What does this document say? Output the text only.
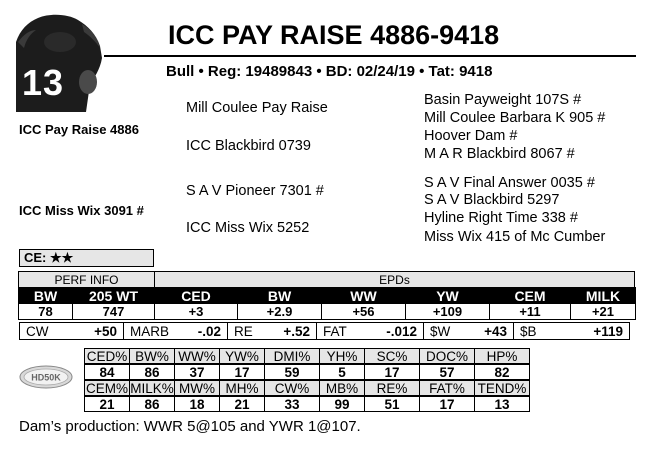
13
ICC PAY RAISE 4886-9418
Bull • Reg: 19489843 • BD: 02/24/19 • Tat: 9418
ICC Pay Raise 4886
ICC Miss Wix 3091 #
Mill Coulee Pay Raise
ICC Blackbird 0739
S A V Pioneer 7301 #
ICC Miss Wix 5252
Basin Payweight 107S #
Mill Coulee Barbara K 905 #
Hoover Dam #
M A R Blackbird 8067 #
S A V Final Answer 0035 #
S A V Blackbird 5297
Hyline Right Time 338 #
Miss Wix 415 of Mc Cumber
CE: ★★
PERF INFO	EPDs
BW	205 WT	CED	BW	WW	YW	CEM	MILK
78	747	+3	+2.9	+56	+109	+11	+21
CW	+50 MARB -.02 RE +.52 FAT	-.012 $W	+43 $B	+119
HD50K
CED% BW% WW% YW%	DMI%	YH%	SC%	DOC%	HP%
84	86	37	17	59	5	17	57	82
CEM% MILK% MW% MH%	CW%	MB%	RE%	FAT% TEND%
21	86	18	21	33	99	51	17	13
Dam’s production: WWR 5@105 and YWR 1@107.
